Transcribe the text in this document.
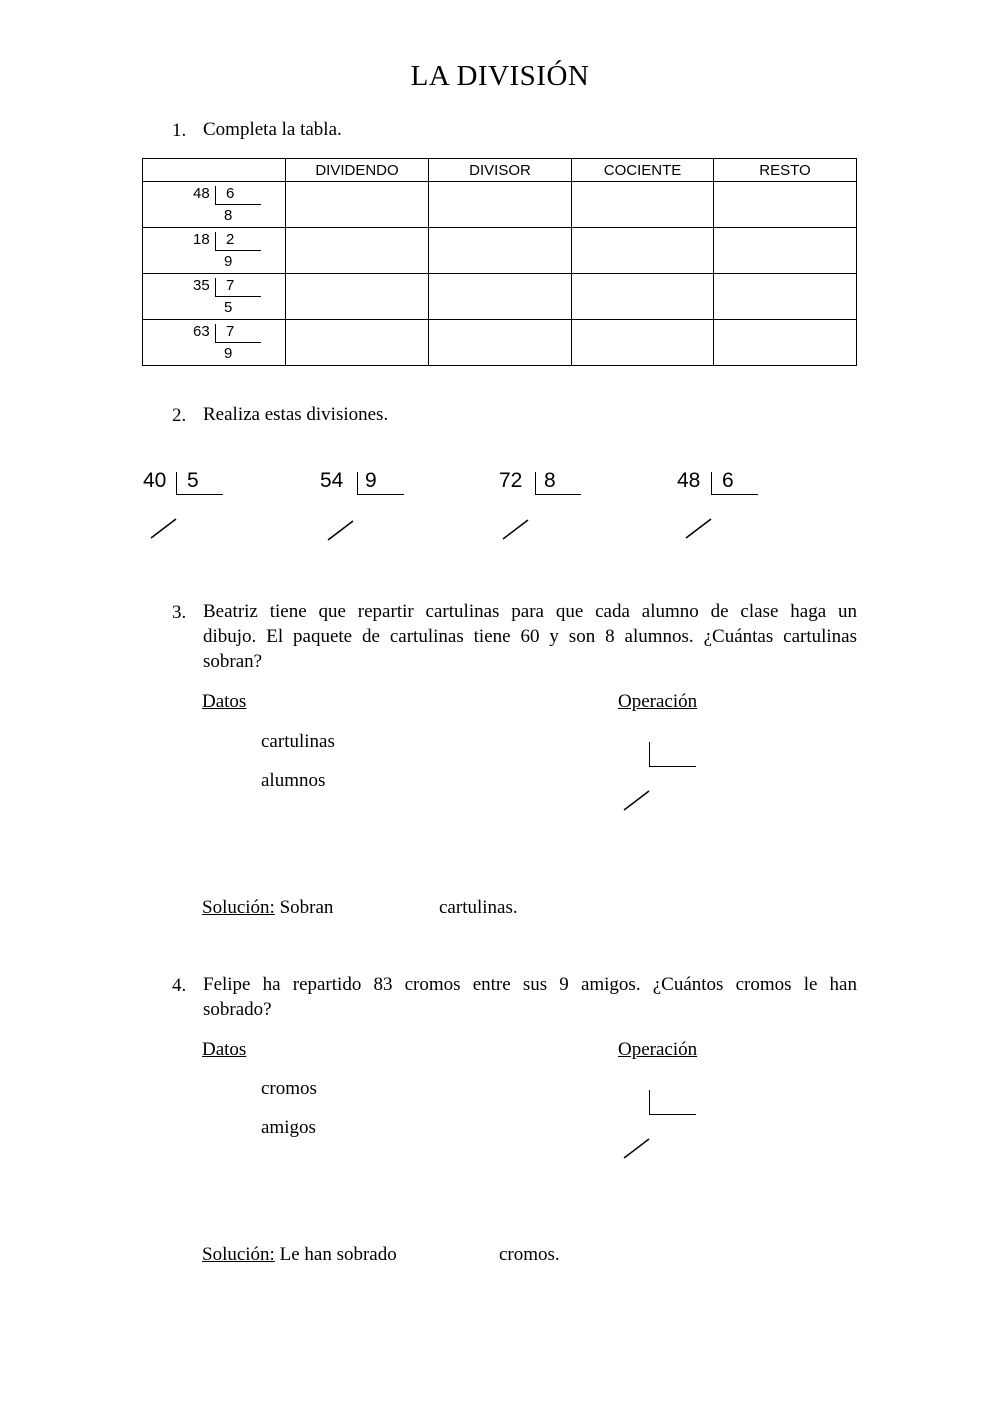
LA DIVISIÓN
1. Completa la tabla.
	DIVIDENDO	DIVISOR	COCIENTE	RESTO

48 6
8				

18 2
9				

35 7
5				

63 7
9				

2. Realiza estas divisiones.
40 5	54 9	72 8	48 6
3. Beatriz tiene que repartir cartulinas para que cada alumno de clase haga un
dibujo. El paquete de cartulinas tiene 60 y son 8 alumnos. ¿Cuántas cartulinas
sobran?
Datos	Operación
cartulinas
alumnos
Solución: Sobran	cartulinas.
4. Felipe ha repartido 83 cromos entre sus 9 amigos. ¿Cuántos cromos le han
sobrado?
Datos	Operación
cromos
amigos
Solución: Le han sobrado	cromos.
